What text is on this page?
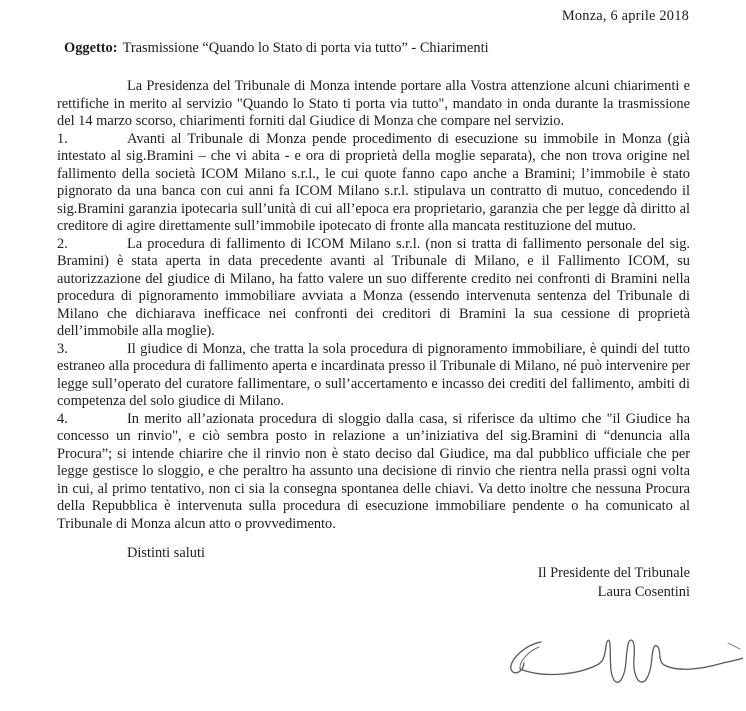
Monza, 6 aprile 2018
Oggetto: Trasmissione “Quando lo Stato di porta via tutto” - Chiarimenti

La Presidenza del Tribunale di Monza intende portare alla Vostra attenzione alcuni chiarimenti e rettifiche in merito al servizio "Quando lo Stato ti porta via tutto", mandato in onda durante la trasmissione del 14 marzo scorso, chiarimenti forniti dal Giudice di Monza che compare nel servizio.

1.	Avanti al Tribunale di Monza pende procedimento di esecuzione su immobile in Monza (già intestato al sig.Bramini – che vi abita - e ora di proprietà della moglie separata), che non trova origine nel fallimento della società ICOM Milano s.r.l., le cui quote fanno capo anche a Bramini; l’immobile è stato pignorato da una banca con cui anni fa ICOM Milano s.r.l. stipulava un contratto di mutuo, concedendo il sig.Bramini garanzia ipotecaria sull’unità di cui all’epoca era proprietario, garanzia che per legge dà diritto al creditore di agire direttamente sull’immobile ipotecato di fronte alla mancata restituzione del mutuo.

2.	La procedura di fallimento di ICOM Milano s.r.l. (non si tratta di fallimento personale del sig. Bramini) è stata aperta in data precedente avanti al Tribunale di Milano, e il Fallimento ICOM, su autorizzazione del giudice di Milano, ha fatto valere un suo differente credito nei confronti di Bramini nella procedura di pignoramento immobiliare avviata a Monza (essendo intervenuta sentenza del Tribunale di Milano che dichiarava inefficace nei confronti dei creditori di Bramini la sua cessione di proprietà dell’immobile alla moglie).

3.	Il giudice di Monza, che tratta la sola procedura di pignoramento immobiliare, è quindi del tutto estraneo alla procedura di fallimento aperta e incardinata presso il Tribunale di Milano, né può intervenire per legge sull’operato del curatore fallimentare, o sull’accertamento e incasso dei crediti del fallimento, ambiti di competenza del solo giudice di Milano.

4.	In merito all’azionata procedura di sloggio dalla casa, si riferisce da ultimo che "il Giudice ha concesso un rinvio", e ciò sembra posto in relazione a un’iniziativa del sig.Bramini di “denuncia alla Procura”; si intende chiarire che il rinvio non è stato deciso dal Giudice, ma dal pubblico ufficiale che per legge gestisce lo sloggio, e che peraltro ha assunto una decisione di rinvio che rientra nella prassi ogni volta in cui, al primo tentativo, non ci sia la consegna spontanea delle chiavi. Va detto inoltre che nessuna Procura della Repubblica è intervenuta sulla procedura di esecuzione immobiliare pendente o ha comunicato al Tribunale di Monza alcun atto o provvedimento.

Distinti saluti
Il Presidente del Tribunale
Laura Cosentini
